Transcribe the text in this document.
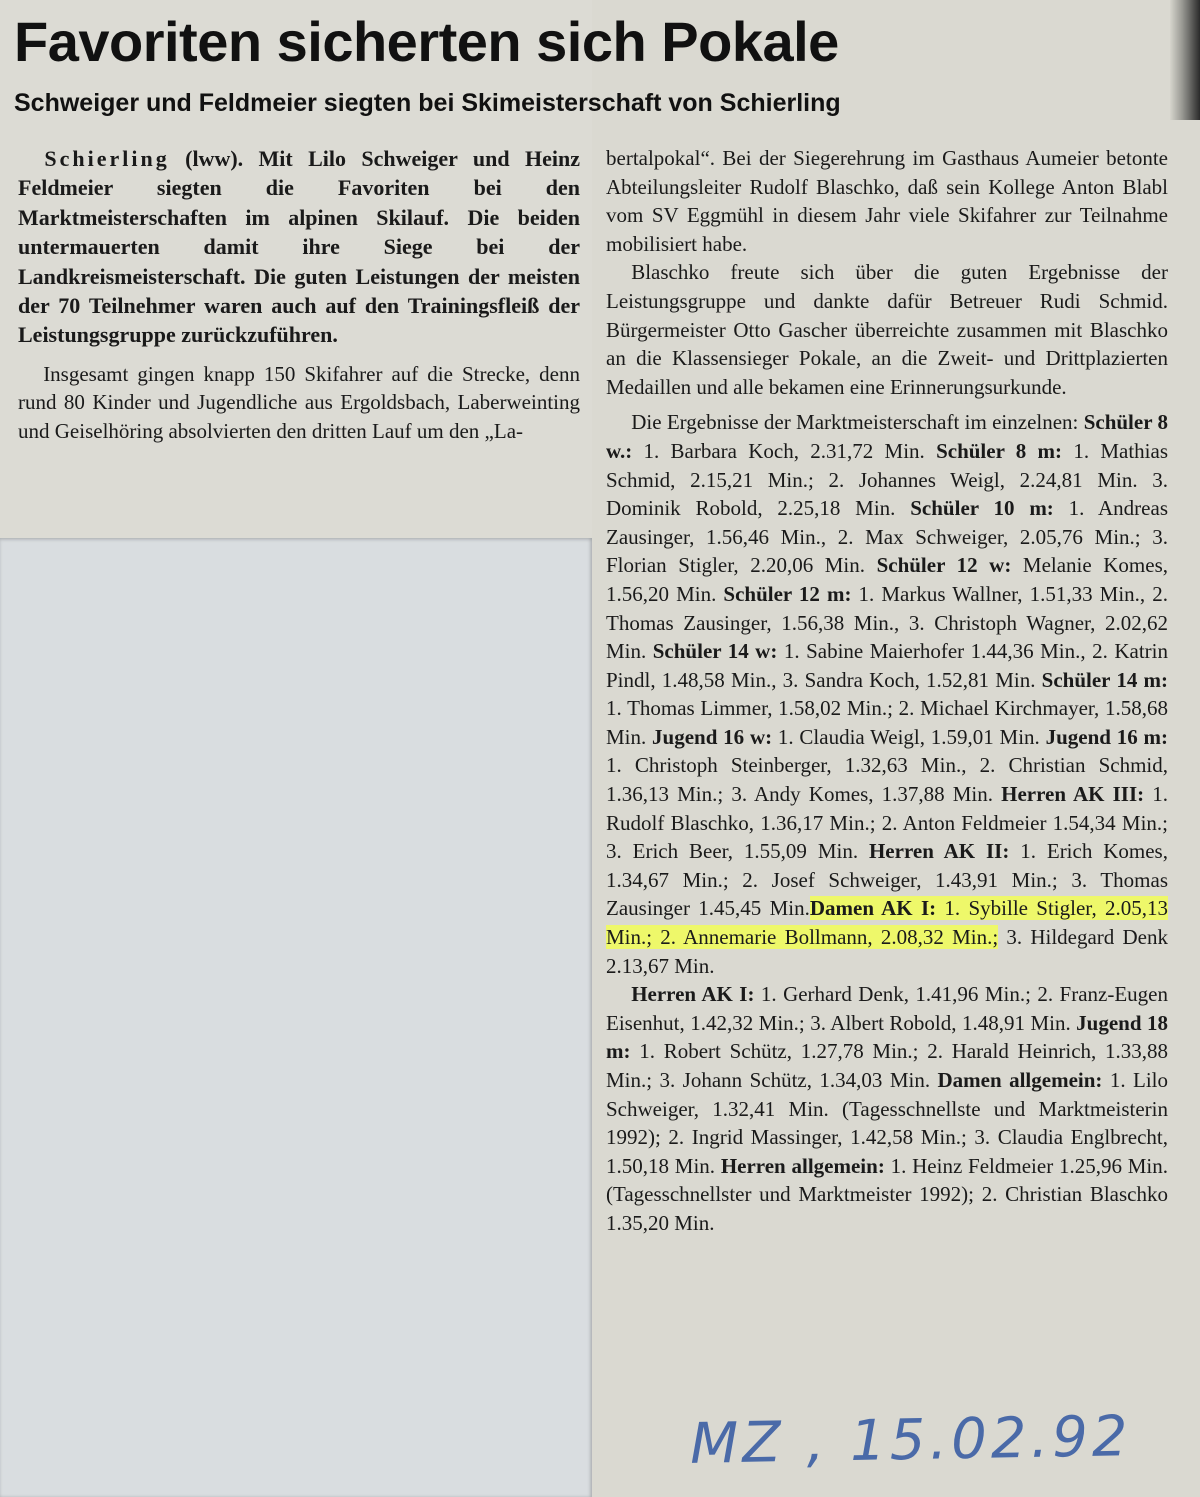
Favoriten sicherten sich Pokale
Schweiger und Feldmeier siegten bei Skimeisterschaft von Schierling

Schierling (lww). Mit Lilo Schweiger und Heinz Feldmeier siegten die Favoriten bei den Marktmeisterschaften im alpinen Skilauf. Die beiden untermauerten damit ihre Siege bei der Landkreismeisterschaft. Die guten Leistungen der meisten der 70 Teilnehmer waren auch auf den Trainingsfleiß der Leistungsgruppe zurückzuführen.

Insgesamt gingen knapp 150 Skifahrer auf die Strecke, denn rund 80 Kinder und Jugendliche aus Ergoldsbach, Laberweinting und Geiselhöring absolvierten den dritten Lauf um den „La-

bertalpokal“. Bei der Siegerehrung im Gasthaus Aumeier betonte Abteilungsleiter Rudolf Blaschko, daß sein Kollege Anton Blabl vom SV Eggmühl in diesem Jahr viele Skifahrer zur Teilnahme mobilisiert habe.

Blaschko freute sich über die guten Ergebnisse der Leistungsgruppe und dankte dafür Betreuer Rudi Schmid. Bürgermeister Otto Gascher überreichte zusammen mit Blaschko an die Klassensieger Pokale, an die Zweit- und Drittplazierten Medaillen und alle bekamen eine Erinnerungsurkunde.

Die Ergebnisse der Marktmeisterschaft im einzelnen: Schüler 8 w.: 1. Barbara Koch, 2.31,72 Min. Schüler 8 m: 1. Mathias Schmid, 2.15,21 Min.; 2. Johannes Weigl, 2.24,81 Min. 3. Dominik Robold, 2.25,18 Min. Schüler 10 m: 1. Andreas Zausinger, 1.56,46 Min., 2. Max Schweiger, 2.05,76 Min.; 3. Florian Stigler, 2.20,06 Min. Schüler 12 w: Melanie Komes, 1.56,20 Min. Schüler 12 m: 1. Markus Wallner, 1.51,33 Min., 2. Thomas Zausinger, 1.56,38 Min., 3. Christoph Wagner, 2.02,62 Min. Schüler 14 w: 1. Sabine Maierhofer 1.44,36 Min., 2. Katrin Pindl, 1.48,58 Min., 3. Sandra Koch, 1.52,81 Min. Schüler 14 m: 1. Thomas Limmer, 1.58,02 Min.; 2. Michael Kirchmayer, 1.58,68 Min. Jugend 16 w: 1. Claudia Weigl, 1.59,01 Min. Jugend 16 m: 1. Christoph Steinberger, 1.32,63 Min., 2. Christian Schmid, 1.36,13 Min.; 3. Andy Komes, 1.37,88 Min. Herren AK III: 1. Rudolf Blaschko, 1.36,17 Min.; 2. Anton Feldmeier 1.54,34 Min.; 3. Erich Beer, 1.55,09 Min. Herren AK II: 1. Erich Komes, 1.34,67 Min.; 2. Josef Schweiger, 1.43,91 Min.; 3. Thomas Zausinger 1.45,45 Min.Damen AK I: 1. Sybille Stigler, 2.05,13 Min.; 2. Annemarie Bollmann, 2.08,32 Min.; 3. Hildegard Denk 2.13,67 Min.

Herren AK I: 1. Gerhard Denk, 1.41,96 Min.; 2. Franz-Eugen Eisenhut, 1.42,32 Min.; 3. Albert Robold, 1.48,91 Min. Jugend 18 m: 1. Robert Schütz, 1.27,78 Min.; 2. Harald Heinrich, 1.33,88 Min.; 3. Johann Schütz, 1.34,03 Min. Damen allgemein: 1. Lilo Schweiger, 1.32,41 Min. (Tagesschnellste und Marktmeisterin 1992); 2. Ingrid Massinger, 1.42,58 Min.; 3. Claudia Englbrecht, 1.50,18 Min. Herren allgemein: 1. Heinz Feldmeier 1.25,96 Min. (Tagesschnellster und Marktmeister 1992); 2. Christian Blaschko 1.35,20 Min.

MZ , 15.02.92
